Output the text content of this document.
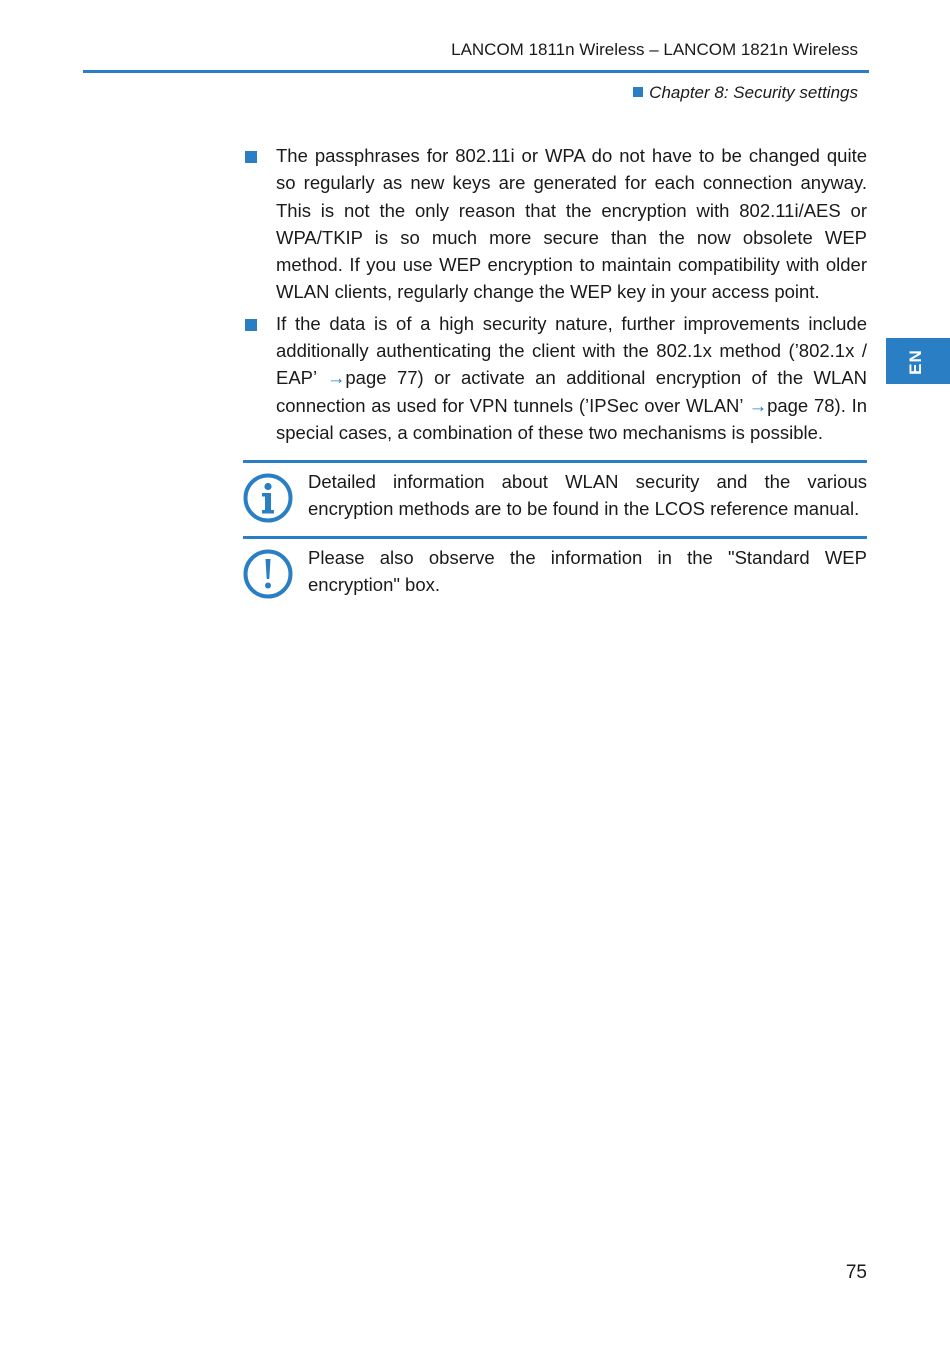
LANCOM 1811n Wireless – LANCOM 1821n Wireless
Chapter 8: Security settings
EN
The passphrases for 802.11i or WPA do not have to be changed quite so regularly as new keys are generated for each connection anyway. This is not the only reason that the encryption with 802.11i/AES or WPA/TKIP is so much more secure than the now obsolete WEP method. If you use WEP encryption to maintain compatibility with older WLAN clients, regularly change the WEP key in your access point.
If the data is of a high security nature, further improvements include additionally authenticating the client with the 802.1x method (’802.1x / EAP’ →page 77) or activate an additional encryption of the WLAN connection as used for VPN tunnels (’IPSec over WLAN’ →page 78). In special cases, a combination of these two mechanisms is possible.
Detailed information about WLAN security and the various encryption methods are to be found in the LCOS reference manual.
Please also observe the information in the "Standard WEP encryption" box.
75
